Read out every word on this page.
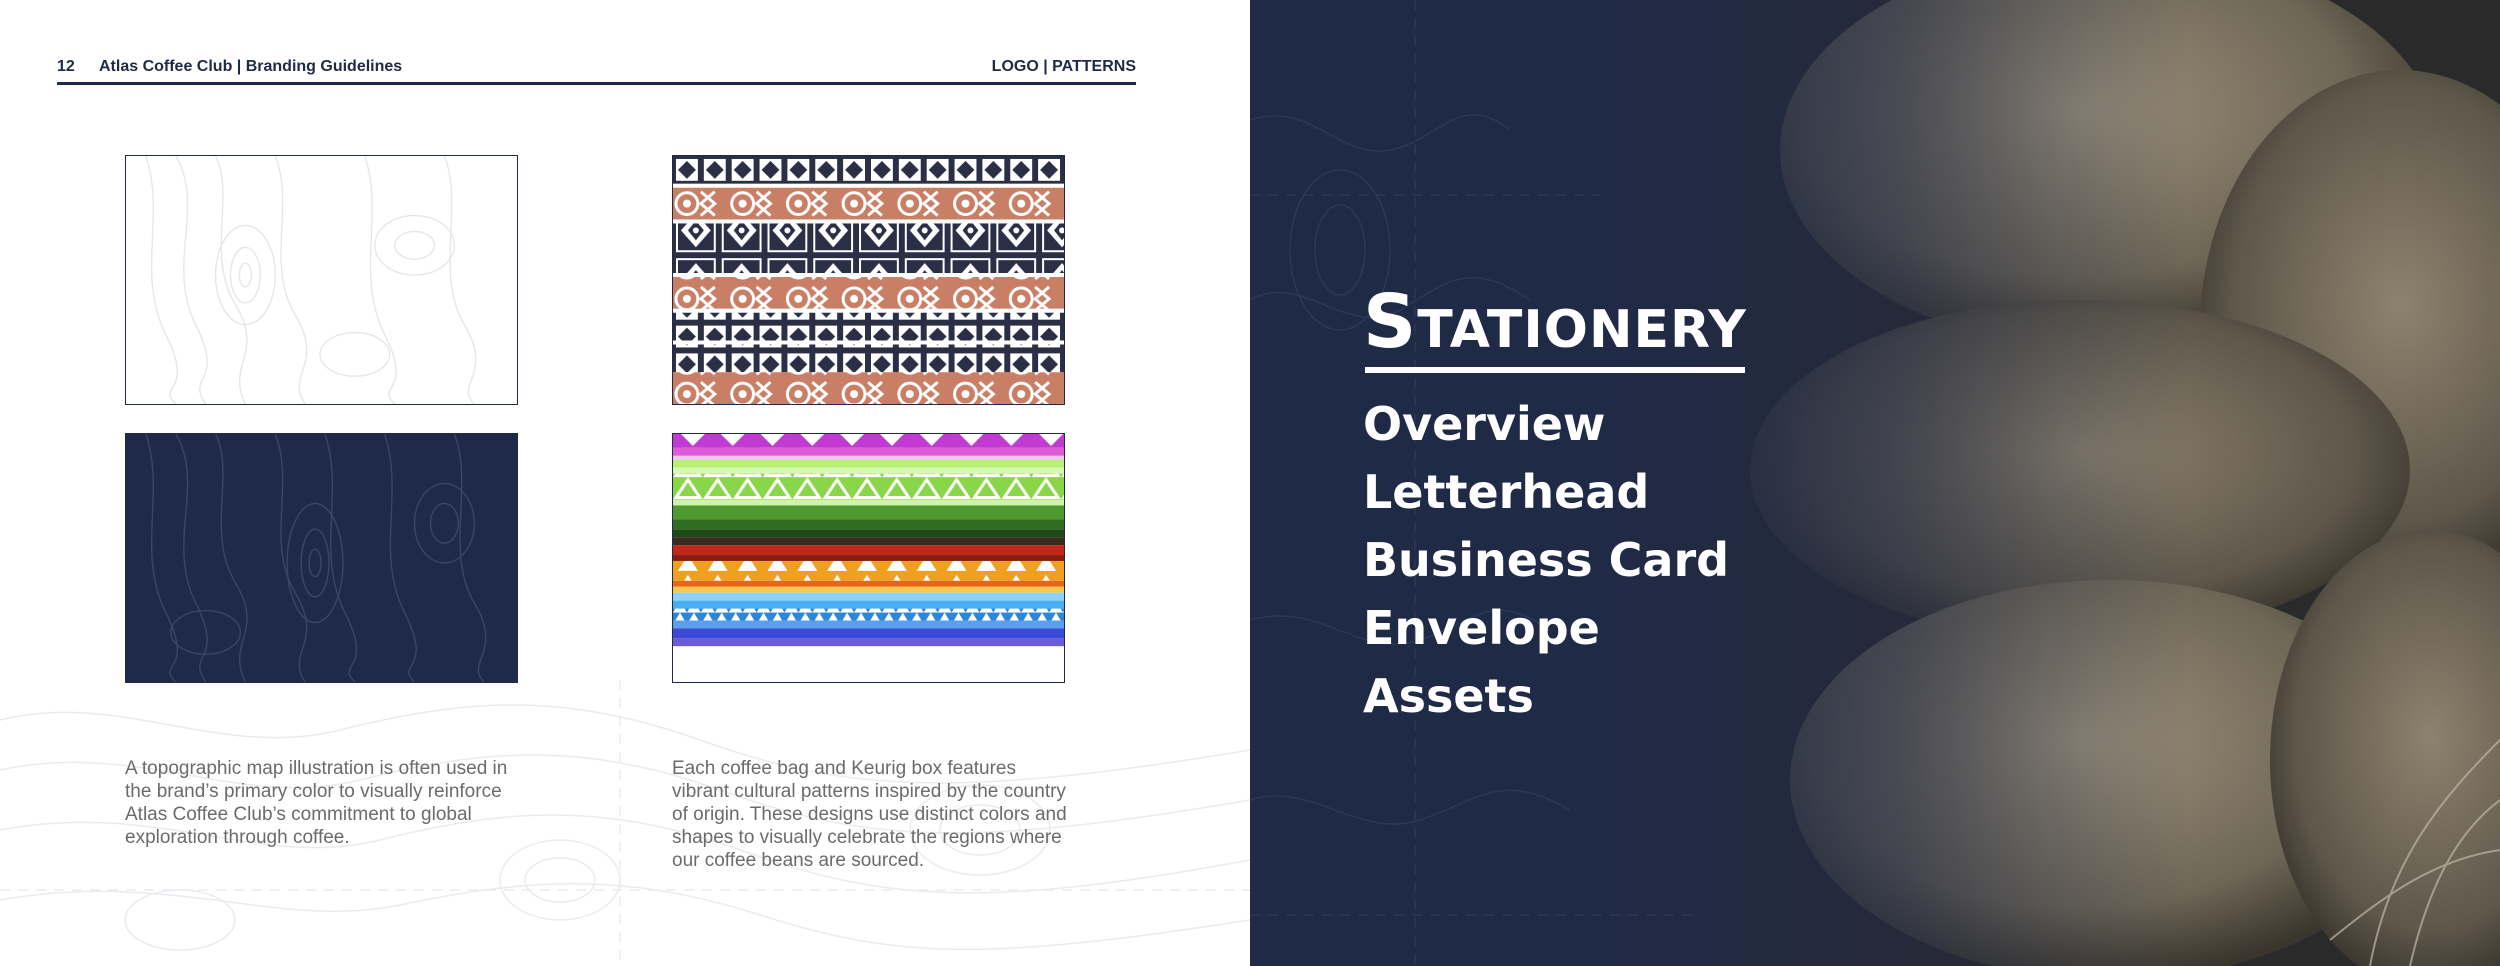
12 Atlas Coffee Club | Branding Guidelines	LOGO | PATTERNS

A topographic map illustration is often used in the brand’s primary color to visually reinforce Atlas Coffee Club’s commitment to global exploration through coffee.

Each coffee bag and Keurig box features vibrant cultural patterns inspired by the country of origin. These designs use distinct colors and shapes to visually celebrate the regions where our coffee beans are sourced.

Stationery
Overview
Letterhead
Business Card
Envelope
Assets
